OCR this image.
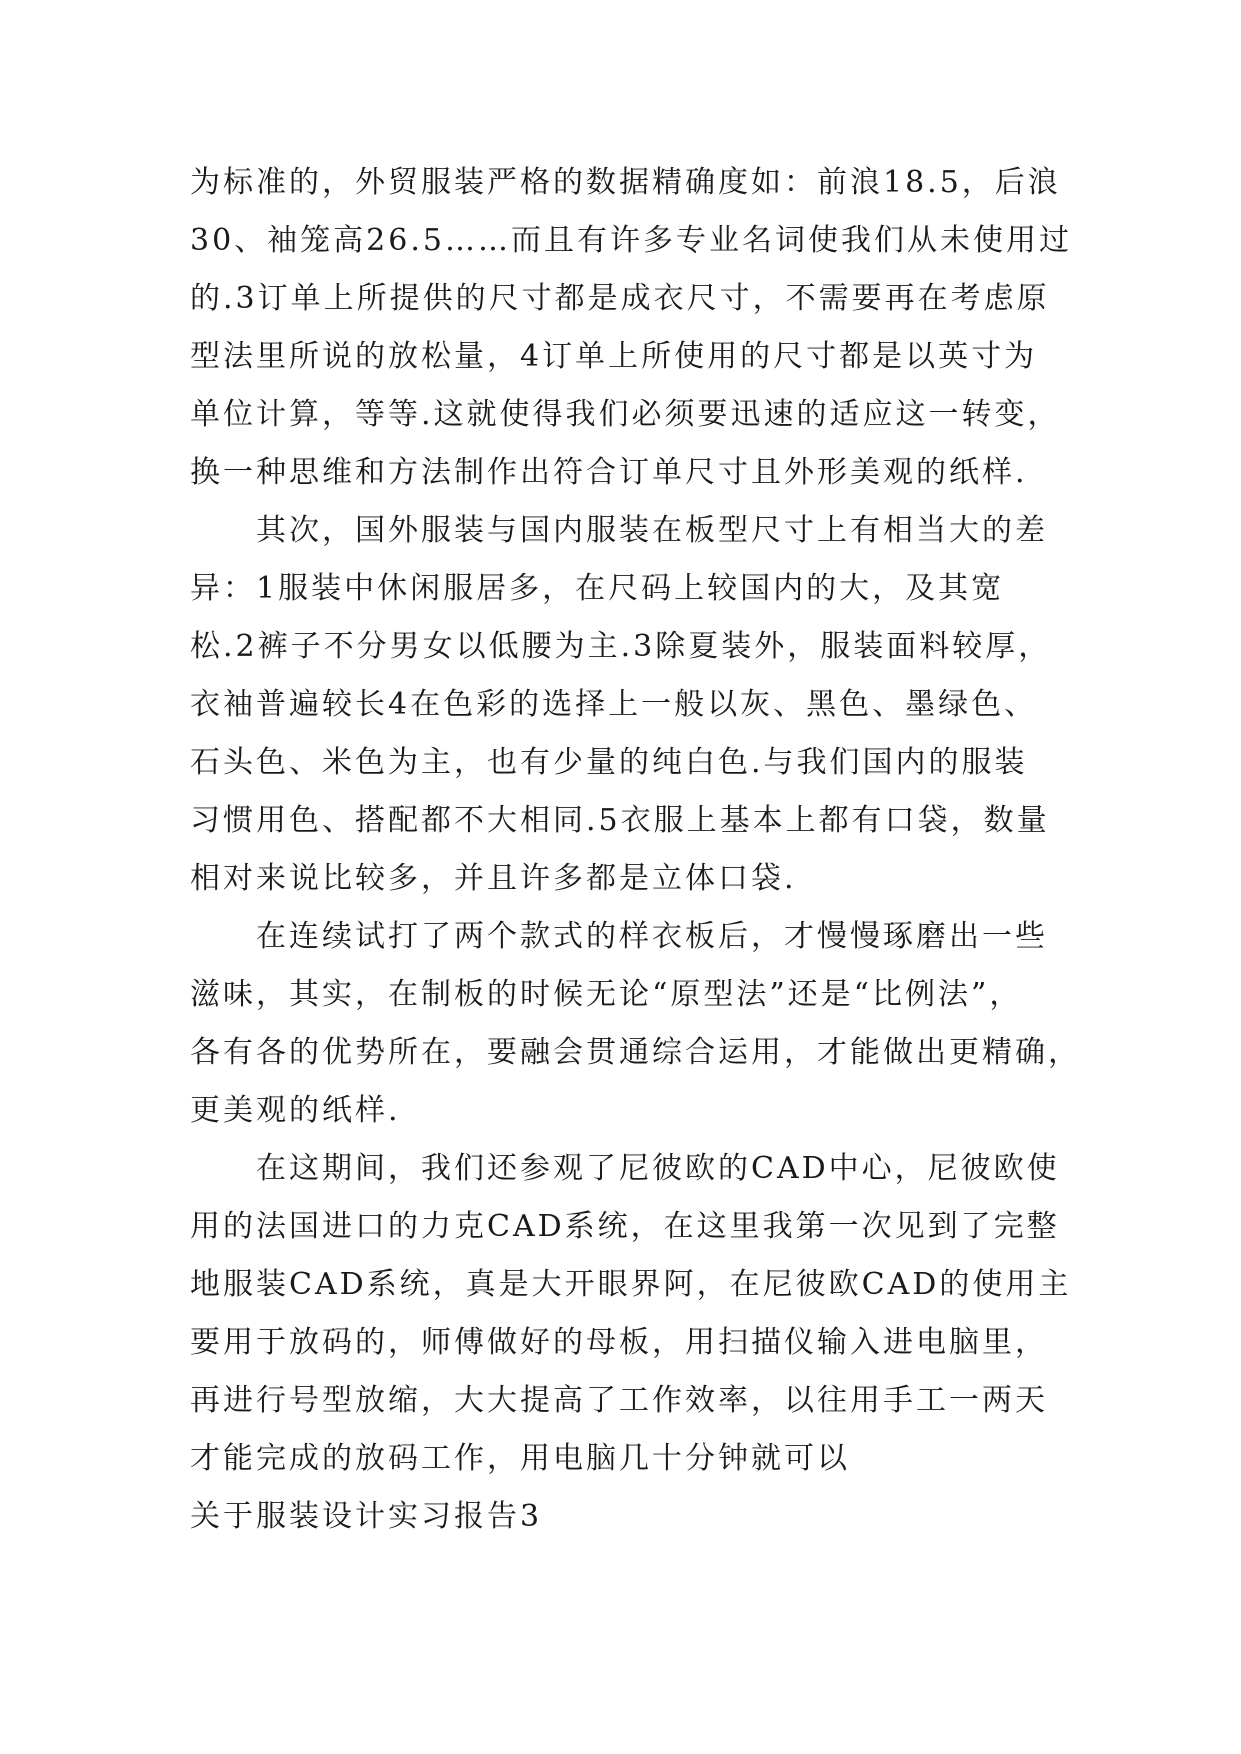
为标准的，外贸服装严格的数据精确度如：前浪18.5，后浪

30、袖笼高26.5……而且有许多专业名词使我们从未使用过

的.3订单上所提供的尺寸都是成衣尺寸，不需要再在考虑原

型法里所说的放松量，4订单上所使用的尺寸都是以英寸为

单位计算，等等.这就使得我们必须要迅速的适应这一转变，

换一种思维和方法制作出符合订单尺寸且外形美观的纸样.

其次，国外服装与国内服装在板型尺寸上有相当大的差

异：1服装中休闲服居多，在尺码上较国内的大，及其宽

松.2裤子不分男女以低腰为主.3除夏装外，服装面料较厚，

衣袖普遍较长4在色彩的选择上一般以灰、黑色、墨绿色、

石头色、米色为主，也有少量的纯白色.与我们国内的服装

习惯用色、搭配都不大相同.5衣服上基本上都有口袋，数量

相对来说比较多，并且许多都是立体口袋.

在连续试打了两个款式的样衣板后，才慢慢琢磨出一些

滋味，其实，在制板的时候无论“原型法”还是“比例法”，

各有各的优势所在，要融会贯通综合运用，才能做出更精确，

更美观的纸样.

在这期间，我们还参观了尼彼欧的CAD中心，尼彼欧使

用的法国进口的力克CAD系统，在这里我第一次见到了完整

地服装CAD系统，真是大开眼界阿，在尼彼欧CAD的使用主

要用于放码的，师傅做好的母板，用扫描仪输入进电脑里，

再进行号型放缩，大大提高了工作效率，以往用手工一两天

才能完成的放码工作，用电脑几十分钟就可以

关于服装设计实习报告3
